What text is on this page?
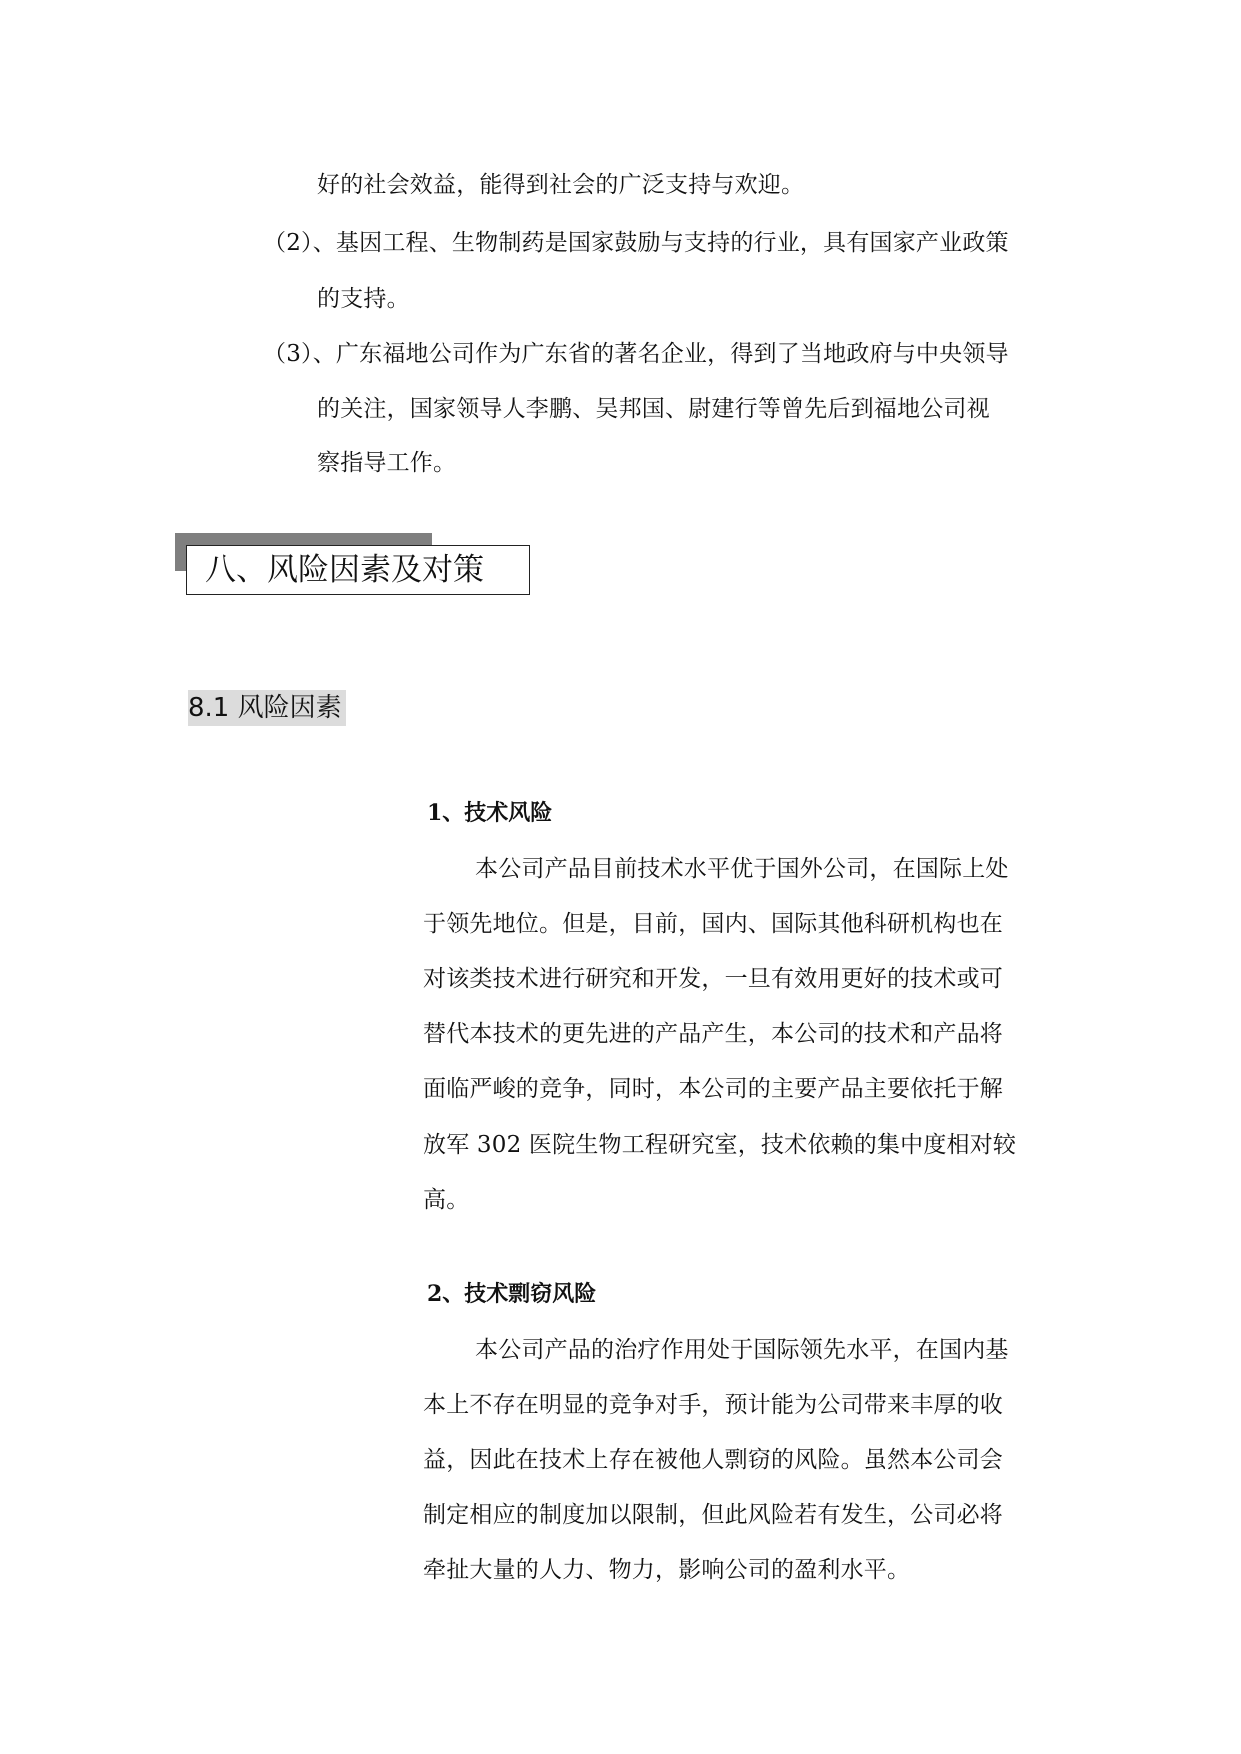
好的社会效益，能得到社会的广泛支持与欢迎。
（2）、基因工程、生物制药是国家鼓励与支持的行业，具有国家产业政策
的支持。
（3）、广东福地公司作为广东省的著名企业，得到了当地政府与中央领导
的关注，国家领导人李鹏、吴邦国、尉建行等曾先后到福地公司视
察指导工作。
八、风险因素及对策
8.1 风险因素
1、技术风险
本公司产品目前技术水平优于国外公司，在国际上处
于领先地位。但是，目前，国内、国际其他科研机构也在
对该类技术进行研究和开发，一旦有效用更好的技术或可
替代本技术的更先进的产品产生，本公司的技术和产品将
面临严峻的竞争，同时，本公司的主要产品主要依托于解
放军 302 医院生物工程研究室，技术依赖的集中度相对较
高。
2、技术剽窃风险
本公司产品的治疗作用处于国际领先水平，在国内基
本上不存在明显的竞争对手，预计能为公司带来丰厚的收
益，因此在技术上存在被他人剽窃的风险。虽然本公司会
制定相应的制度加以限制，但此风险若有发生，公司必将
牵扯大量的人力、物力，影响公司的盈利水平。
